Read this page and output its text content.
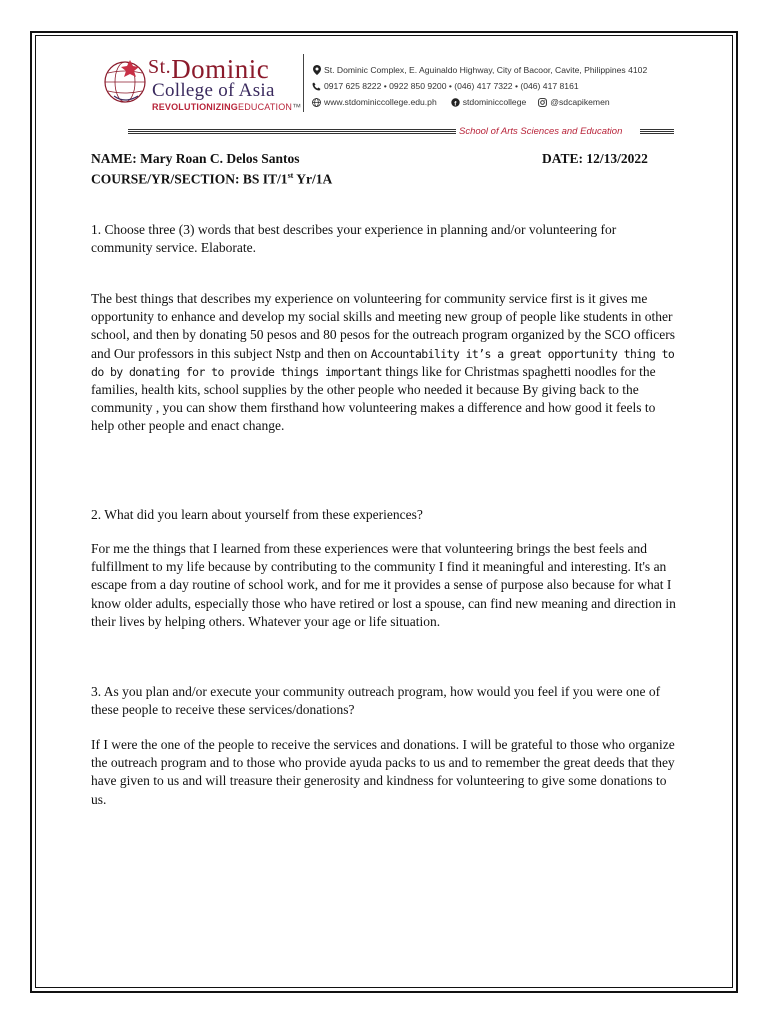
St.Dominic
College of Asia
REVOLUTIONIZINGEDUCATION™
St. Dominic Complex, E. Aguinaldo Highway, City of Bacoor, Cavite, Philippines 4102
0917 625 8222 • 0922 850 9200 • (046) 417 7322 • (046) 417 8161
www.stdominiccollege.edu.ph	f stdominiccollege	@sdcapikemen
School of Arts Sciences and Education
NAME: Mary Roan C. Delos Santos	DATE: 12/13/2022
COURSE/YR/SECTION: BS IT/1st Yr/1A
1. Choose three (3) words that best describes your experience in planning and/or volunteering for community service. Elaborate.
The best things that describes my experience on volunteering for community service first is it gives me opportunity to enhance and develop my social skills and meeting new group of people like students in other school, and then by donating 50 pesos and 80 pesos for the outreach program organized by the SCO officers and Our professors in this subject Nstp and then on Accountability it’s a great opportunity thing to do by donating for to provide things important things like for Christmas spaghetti noodles for the families, health kits, school supplies by the other people who needed it because By giving back to the community , you can show them firsthand how volunteering makes a difference and how good it feels to help other people and enact change.
2. What did you learn about yourself from these experiences?
For me the things that I learned from these experiences were that volunteering brings the best feels and fulfillment to my life because by contributing to the community I find it meaningful and interesting. It's an escape from a day routine of school work, and for me it provides a sense of purpose also because for what I know older adults, especially those who have retired or lost a spouse, can find new meaning and direction in their lives by helping others. Whatever your age or life situation.
3. As you plan and/or execute your community outreach program, how would you feel if you were one of these people to receive these services/donations?
If I were the one of the people to receive the services and donations. I will be grateful to those who organize the outreach program and to those who provide ayuda packs to us and to remember the great deeds that they have given to us and will treasure their generosity and kindness for volunteering to give some donations to us.
